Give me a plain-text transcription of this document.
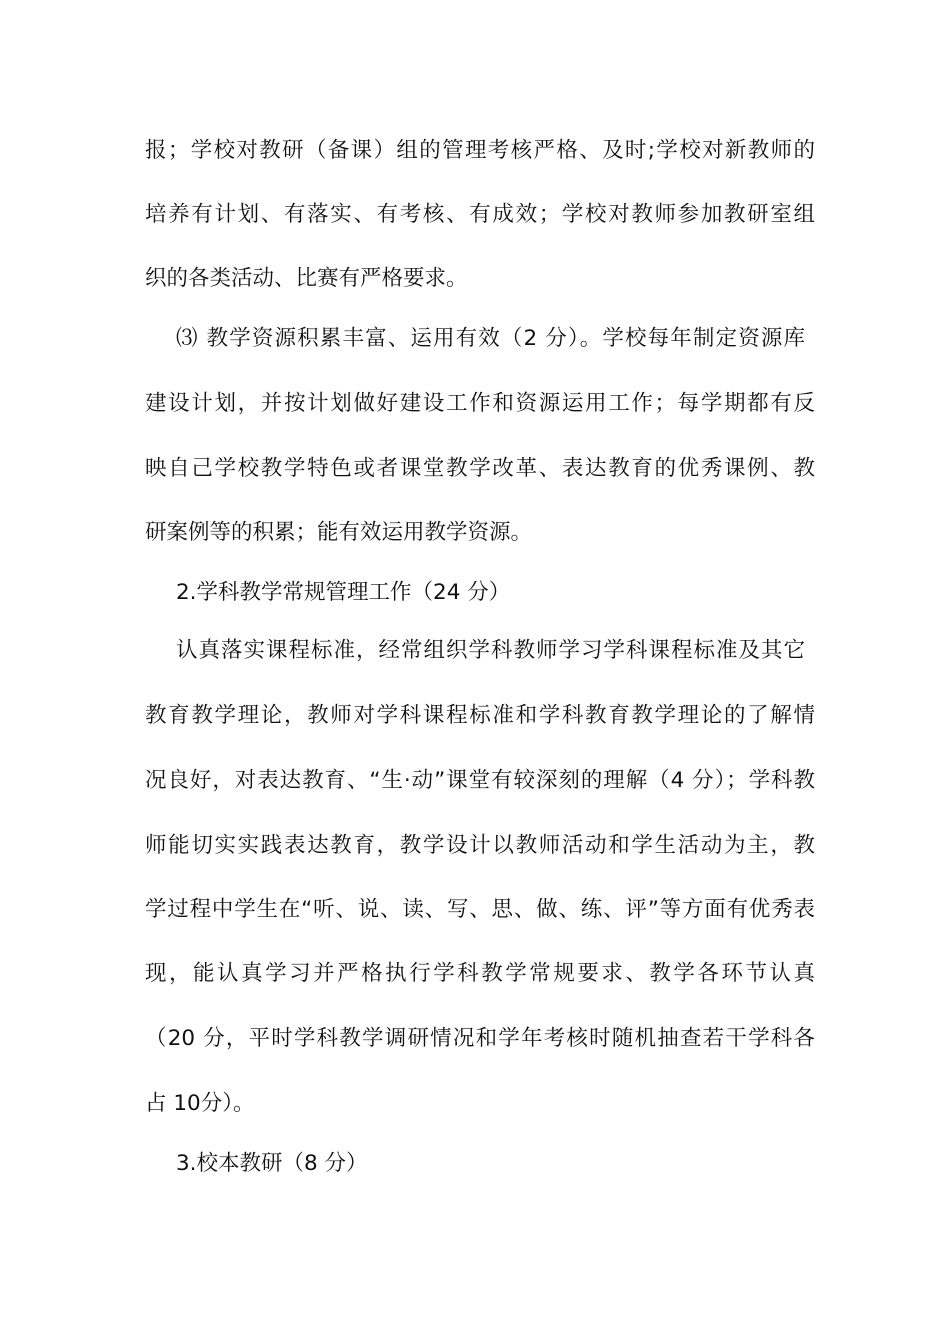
报；学校对教研（备课）组的管理考核严格、及时;学校对新教师的
培养有计划、有落实、有考核、有成效；学校对教师参加教研室组
织的各类活动、比赛有严格要求。
⑶ 教学资源积累丰富、运用有效（2 分）。学校每年制定资源库
建设计划，并按计划做好建设工作和资源运用工作；每学期都有反
映自己学校教学特色或者课堂教学改革、表达教育的优秀课例、教
研案例等的积累；能有效运用教学资源。
2.学科教学常规管理工作（24 分）
认真落实课程标准，经常组织学科教师学习学科课程标准及其它
教育教学理论，教师对学科课程标准和学科教育教学理论的了解情
况良好，对表达教育、“生·动”课堂有较深刻的理解（4 分）；学科教
师能切实实践表达教育，教学设计以教师活动和学生活动为主，教
学过程中学生在“听、说、读、写、思、做、练、评”等方面有优秀表
现，能认真学习并严格执行学科教学常规要求、教学各环节认真
（20 分，平时学科教学调研情况和学年考核时随机抽查若干学科各
占 10分）。
3.校本教研（8 分）
